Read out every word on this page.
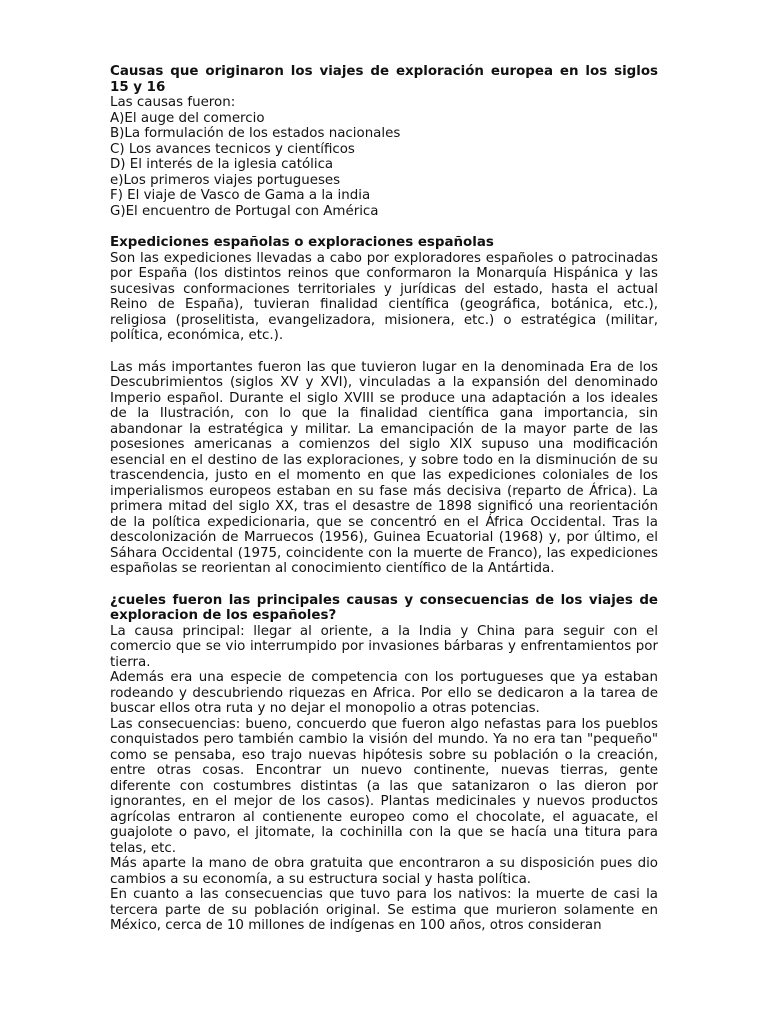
Causas que originaron los viajes de exploración europea en los siglos 15 y 16

Las causas fueron:

A)El auge del comercio

B)La formulación de los estados nacionales

C) Los avances tecnicos y científicos

D) El interés de la iglesia católica

e)Los primeros viajes portugueses

F) El viaje de Vasco de Gama a la india

G)El encuentro de Portugal con América

Expediciones españolas o exploraciones españolas

Son las expediciones llevadas a cabo por exploradores españoles o patrocinadas por España (los distintos reinos que conformaron la Monarquía Hispánica y las sucesivas conformaciones territoriales y jurídicas del estado, hasta el actual Reino de España), tuvieran finalidad científica (geográfica, botánica, etc.), religiosa (proselitista, evangelizadora, misionera, etc.) o estratégica (militar, política, económica, etc.).

Las más importantes fueron las que tuvieron lugar en la denominada Era de los Descubrimientos (siglos XV y XVI), vinculadas a la expansión del denominado Imperio español. Durante el siglo XVIII se produce una adaptación a los ideales de la Ilustración, con lo que la finalidad científica gana importancia, sin abandonar la estratégica y militar. La emancipación de la mayor parte de las posesiones americanas a comienzos del siglo XIX supuso una modificación esencial en el destino de las exploraciones, y sobre todo en la disminución de su trascendencia, justo en el momento en que las expediciones coloniales de los imperialismos europeos estaban en su fase más decisiva (reparto de África). La primera mitad del siglo XX, tras el desastre de 1898 significó una reorientación de la política expedicionaria, que se concentró en el África Occidental. Tras la descolonización de Marruecos (1956), Guinea Ecuatorial (1968) y, por último, el Sáhara Occidental (1975, coincidente con la muerte de Franco), las expediciones españolas se reorientan al conocimiento científico de la Antártida.

¿cueles fueron las principales causas y consecuencias de los viajes de exploracion de los españoles?

La causa principal: llegar al oriente, a la India y China para seguir con el comercio que se vio interrumpido por invasiones bárbaras y enfrentamientos por tierra.

Además era una especie de competencia con los portugueses que ya estaban rodeando y descubriendo riquezas en Africa. Por ello se dedicaron a la tarea de buscar ellos otra ruta y no dejar el monopolio a otras potencias.

Las consecuencias: bueno, concuerdo que fueron algo nefastas para los pueblos conquistados pero también cambio la visión del mundo. Ya no era tan "pequeño" como se pensaba, eso trajo nuevas hipótesis sobre su población o la creación, entre otras cosas. Encontrar un nuevo continente, nuevas tierras, gente diferente con costumbres distintas (a las que satanizaron o las dieron por ignorantes, en el mejor de los casos). Plantas medicinales y nuevos productos agrícolas entraron al contienente europeo como el chocolate, el aguacate, el guajolote o pavo, el jitomate, la cochinilla con la que se hacía una titura para telas, etc.

Más aparte la mano de obra gratuita que encontraron a su disposición pues dio cambios a su economía, a su estructura social y hasta política.

En cuanto a las consecuencias que tuvo para los nativos: la muerte de casi la tercera parte de su población original. Se estima que murieron solamente en México, cerca de 10 millones de indígenas en 100 años, otros consideran
